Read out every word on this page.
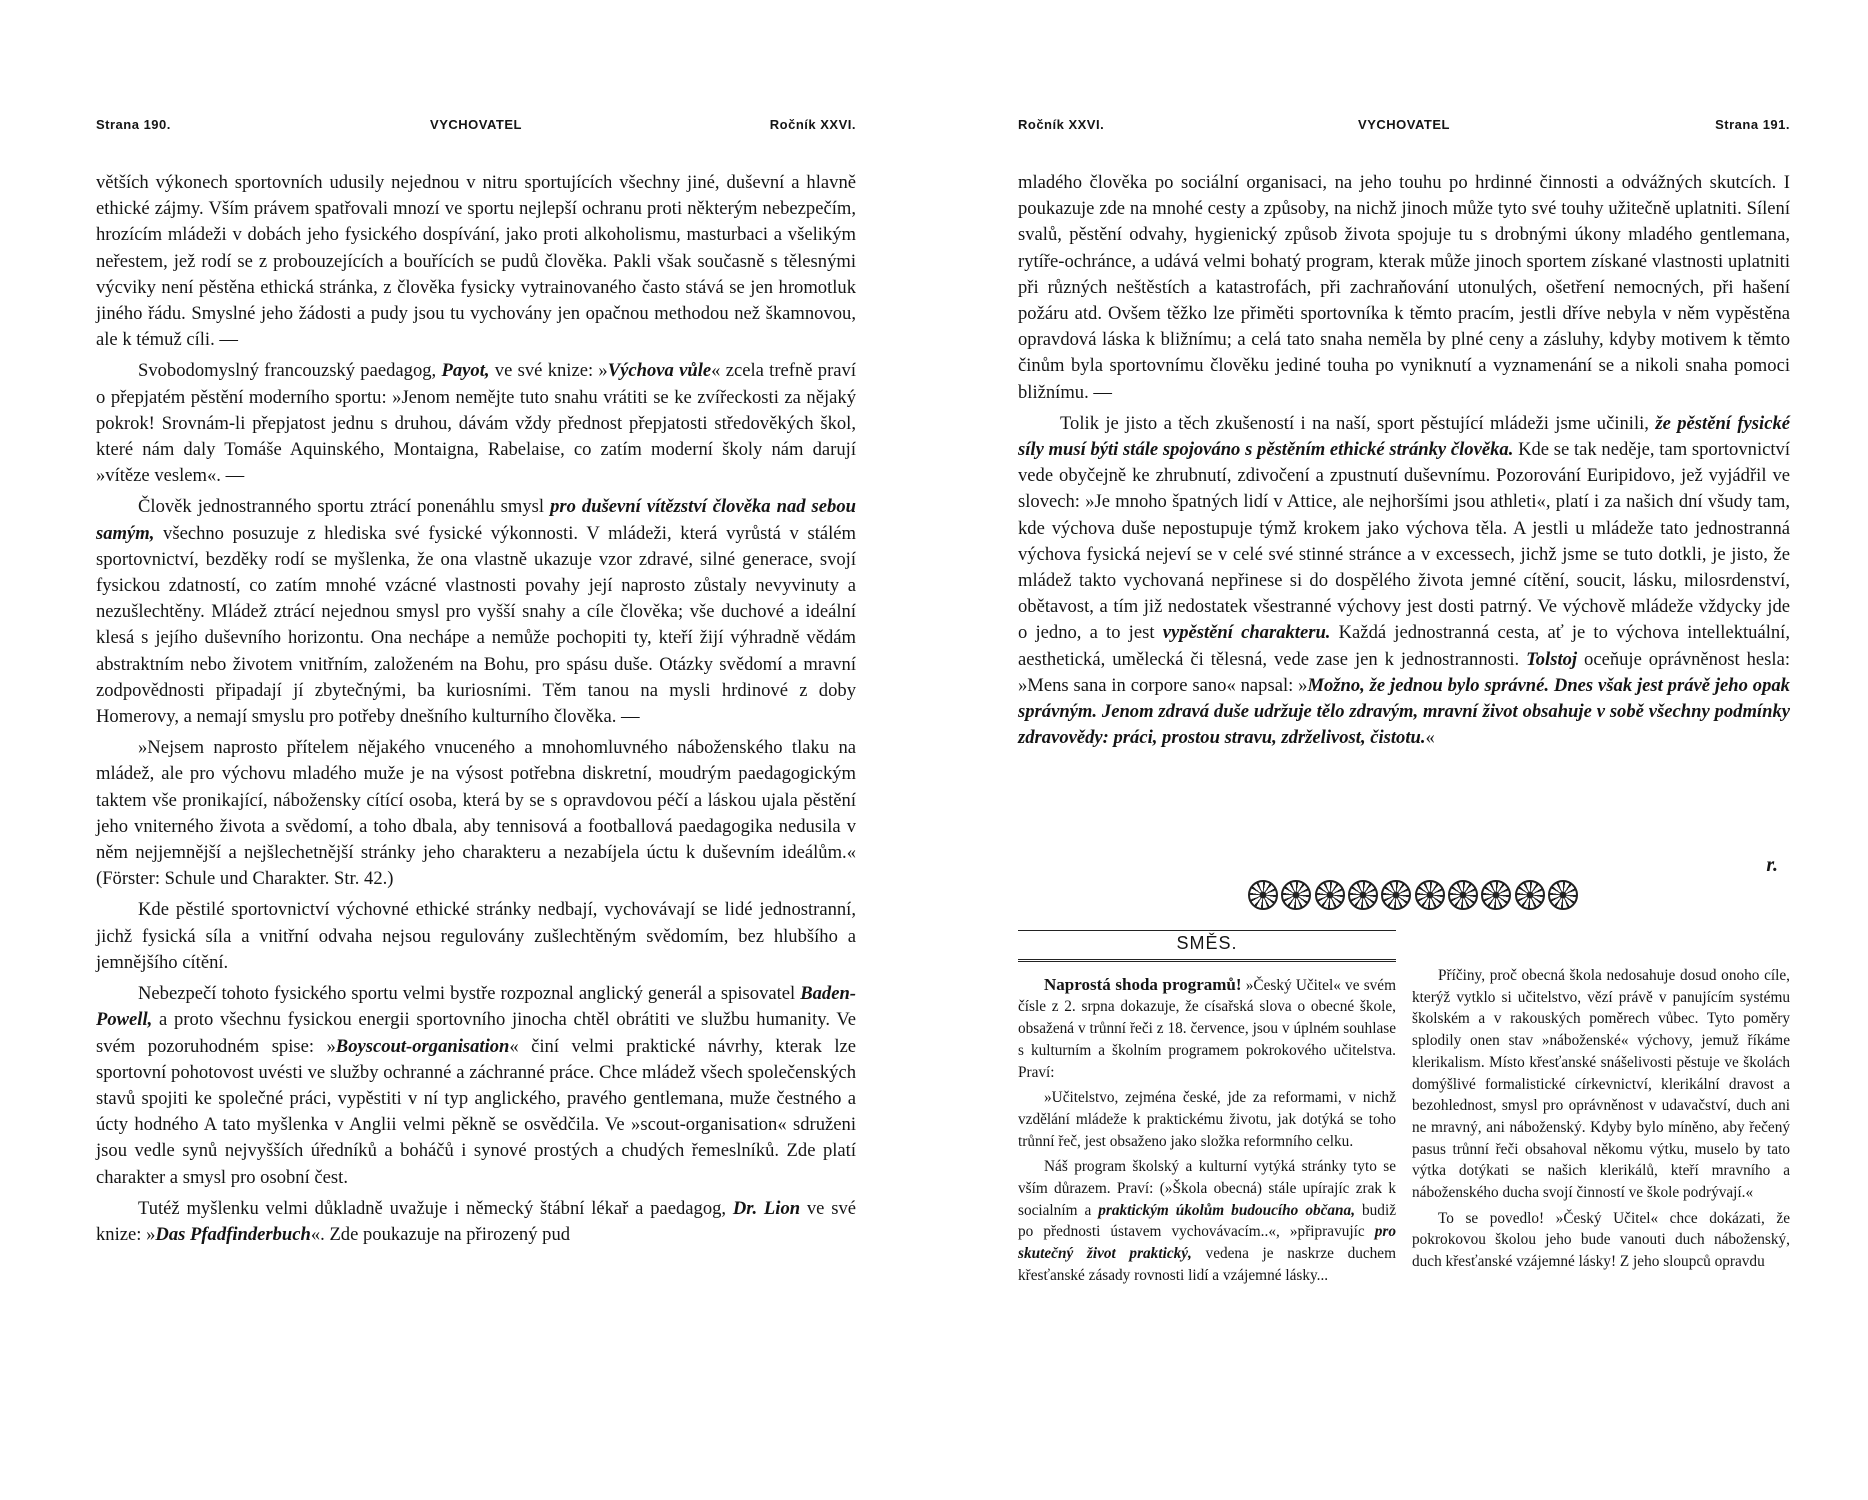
Strana 190.	VYCHOVATEL	Ročník XXVI.

větších výkonech sportovních udusily nejednou v nitru sportujících všechny jiné, duševní a hlavně ethické zájmy. Vším právem spatřovali mnozí ve sportu nejlepší ochranu proti některým nebezpečím, hrozícím mládeži v dobách jeho fysického dospívání, jako proti alkoholismu, masturbaci a všelikým neřestem, jež rodí se z probouzejících a bouřících se pudů člověka. Pakli však současně s tělesnými výcviky není pěstěna ethická stránka, z člověka fysicky vytrainovaného často stává se jen hromotluk jiného řádu. Smyslné jeho žádosti a pudy jsou tu vychovány jen opačnou methodou než škamnovou, ale k témuž cíli. —

Svobodomyslný francouzský paedagog, Payot, ve své knize: »Výchova vůle« zcela trefně praví o přepjatém pěstění moderního sportu: »Jenom nemějte tuto snahu vrátiti se ke zvířeckosti za nějaký pokrok! Srovnám-li přepjatost jednu s druhou, dávám vždy přednost přepjatosti středověkých škol, které nám daly Tomáše Aquinského, Montaigna, Rabelaise, co zatím moderní školy nám darují »vítěze veslem«. —

Člověk jednostranného sportu ztrácí ponenáhlu smysl pro duševní vítězství člověka nad sebou samým, všechno posuzuje z hlediska své fysické výkonnosti. V mládeži, která vyrůstá v stálém sportovnictví, bezděky rodí se myšlenka, že ona vlastně ukazuje vzor zdravé, silné generace, svojí fysickou zdatností, co zatím mnohé vzácné vlastnosti povahy její naprosto zůstaly nevyvinuty a nezušlechtěny. Mládež ztrácí nejednou smysl pro vyšší snahy a cíle člověka; vše duchové a ideální klesá s jejího duševního horizontu. Ona nechápe a nemůže pochopiti ty, kteří žijí výhradně vědám abstraktním nebo životem vnitřním, založeném na Bohu, pro spásu duše. Otázky svědomí a mravní zodpovědnosti připadají jí zbytečnými, ba kuriosními. Těm tanou na mysli hrdinové z doby Homerovy, a nemají smyslu pro potřeby dnešního kulturního člověka. —

»Nejsem naprosto přítelem nějakého vnuceného a mnohomluvného náboženského tlaku na mládež, ale pro výchovu mladého muže je na výsost potřebna diskretní, moudrým paedagogickým taktem vše pronikající, nábožensky cítící osoba, která by se s opravdovou péčí a láskou ujala pěstění jeho vniterného života a svědomí, a toho dbala, aby tennisová a footballová paedagogika nedusila v něm nejjemnější a nejšlechetnější stránky jeho charakteru a nezabíjela úctu k duševním ideálům.« (Förster: Schule und Charakter. Str. 42.)

Kde pěstilé sportovnictví výchovné ethické stránky nedbají, vychovávají se lidé jednostranní, jichž fysická síla a vnitřní odvaha nejsou regulovány zušlechtěným svědomím, bez hlubšího a jemnějšího cítění.

Nebezpečí tohoto fysického sportu velmi bystře rozpoznal anglický generál a spisovatel Baden-Powell, a proto všechnu fysickou energii sportovního jinocha chtěl obrátiti ve službu humanity. Ve svém pozoruhodném spise: »Boyscout-organisation« činí velmi praktické návrhy, kterak lze sportovní pohotovost uvésti ve služby ochranné a záchranné práce. Chce mládež všech společenských stavů spojiti ke společné práci, vypěstiti v ní typ anglického, pravého gentlemana, muže čestného a úcty hodného A tato myšlenka v Anglii velmi pěkně se osvědčila. Ve »scout-organisation« sdruženi jsou vedle synů nejvyšších úředníků a boháčů i synové prostých a chudých řemeslníků. Zde platí charakter a smysl pro osobní čest.

Tutéž myšlenku velmi důkladně uvažuje i německý štábní lékař a paedagog, Dr. Lion ve své knize: »Das Pfadfinderbuch«. Zde poukazuje na přirozený pud

Ročník XXVI.	VYCHOVATEL	Strana 191.

mladého člověka po sociální organisaci, na jeho touhu po hrdinné činnosti a odvážných skutcích. I poukazuje zde na mnohé cesty a způsoby, na nichž jinoch může tyto své touhy užitečně uplatniti. Sílení svalů, pěstění odvahy, hygienický způsob života spojuje tu s drobnými úkony mladého gentlemana, rytíře-ochránce, a udává velmi bohatý program, kterak může jinoch sportem získané vlastnosti uplatniti při různých neštěstích a katastrofách, při zachraňování utonulých, ošetření nemocných, při hašení požáru atd. Ovšem těžko lze přiměti sportovníka k těmto pracím, jestli dříve nebyla v něm vypěstěna opravdová láska k bližnímu; a celá tato snaha neměla by plné ceny a zásluhy, kdyby motivem k těmto činům byla sportovnímu člověku jediné touha po vyniknutí a vyznamenání se a nikoli snaha pomoci bližnímu. —

Tolik je jisto a těch zkušeností i na naší, sport pěstující mládeži jsme učinili, že pěstění fysické síly musí býti stále spojováno s pěstěním ethické stránky člověka. Kde se tak neděje, tam sportovnictví vede obyčejně ke zhrubnutí, zdivočení a zpustnutí duševnímu. Pozorování Euripidovo, jež vyjádřil ve slovech: »Je mnoho špatných lidí v Attice, ale nejhoršími jsou athleti«, platí i za našich dní všudy tam, kde výchova duše nepostupuje týmž krokem jako výchova těla. A jestli u mládeže tato jednostranná výchova fysická nejeví se v celé své stinné stránce a v excessech, jichž jsme se tuto dotkli, je jisto, že mládež takto vychovaná nepřinese si do dospělého života jemné cítění, soucit, lásku, milosrdenství, obětavost, a tím již nedostatek všestranné výchovy jest dosti patrný. Ve výchově mládeže vždycky jde o jedno, a to jest vypěstění charakteru. Každá jednostranná cesta, ať je to výchova intellektuální, aesthetická, umělecká či tělesná, vede zase jen k jednostrannosti. Tolstoj oceňuje oprávněnost hesla: »Mens sana in corpore sano« napsal: »Možno, že jednou bylo správné. Dnes však jest právě jeho opak správným. Jenom zdravá duše udržuje tělo zdravým, mravní život obsahuje v sobě všechny podmínky zdravovědy: práci, prostou stravu, zdrželivost, čistotu.«

r.
SMĚS.

Naprostá shoda programů! »Český Učitel« ve svém čísle z 2. srpna dokazuje, že císařská slova o obecné škole, obsažená v trůnní řeči z 18. července, jsou v úplném souhlase s kulturním a školním programem pokrokového učitelstva. Praví:

»Učitelstvo, zejména české, jde za reformami, v nichž vzdělání mládeže k praktickému životu, jak dotýká se toho trůnní řeč, jest obsaženo jako složka reformního celku.

Náš program školský a kulturní vytýká stránky tyto se vším důrazem. Praví: (»Škola obecná) stále upírajíc zrak k socialním a praktickým úkolům budoucího občana, budiž po přednosti ústavem vychovávacím..«, »připravujíc pro skutečný život praktický, vedena je naskrze duchem křesťanské zásady rovnosti lidí a vzájemné lásky...

Příčiny, proč obecná škola nedosahuje dosud onoho cíle, kterýž vytklo si učitelstvo, vězí právě v panujícím systému školském a v rakouských poměrech vůbec. Tyto poměry splodily onen stav »náboženské« výchovy, jemuž říkáme klerikalism. Místo křesťanské snášelivosti pěstuje ve školách domýšlivé formalistické církevnictví, klerikální dravost a bezohlednost, smysl pro oprávněnost v udavačství, duch ani ne mravný, ani náboženský. Kdyby bylo míněno, aby řečený pasus trůnní řeči obsahoval někomu výtku, muselo by tato výtka dotýkati se našich klerikálů, kteří mravního a náboženského ducha svojí činností ve škole podrývají.«

To se povedlo! »Český Učitel« chce dokázati, že pokrokovou školou jeho bude vanouti duch náboženský, duch křesťanské vzájemné lásky! Z jeho sloupců opravdu
